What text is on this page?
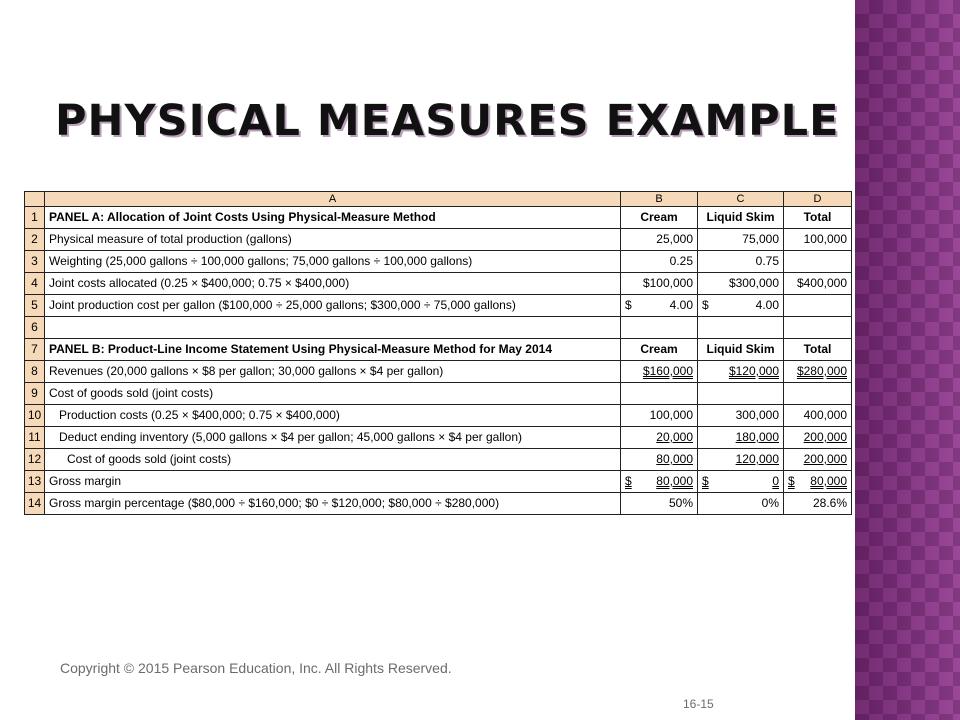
PHYSICAL MEASURES EXAMPLE
	A	B	C	D
1	PANEL A: Allocation of Joint Costs Using Physical-Measure Method	Cream	Liquid Skim	Total
2	Physical measure of total production (gallons)	25,000	75,000	100,000
3	Weighting (25,000 gallons ÷ 100,000 gallons; 75,000 gallons ÷ 100,000 gallons)	0.25	0.75	
4	Joint costs allocated (0.25 × $400,000; 0.75 × $400,000)	$100,000	$300,000	$400,000
5	Joint production cost per gallon ($100,000 ÷ 25,000 gallons; $300,000 ÷ 75,000 gallons)	$ 4.00	$ 4.00	

6				
7	PANEL B: Product-Line Income Statement Using Physical-Measure Method for May 2014	Cream	Liquid Skim	Total
8	Revenues (20,000 gallons × $8 per gallon; 30,000 gallons × $4 per gallon)	$160,000	$120,000	$280,000
9	Cost of goods sold (joint costs)			
10	Production costs (0.25 × $400,000; 0.75 × $400,000)	100,000	300,000	400,000
11	Deduct ending inventory (5,000 gallons × $4 per gallon; 45,000 gallons × $4 per gallon)	20,000	180,000	200,000
12	Cost of goods sold (joint costs)	80,000	120,000	200,000
13	Gross margin	$ 80,000	$ 0	$ 80,000

14	Gross margin percentage ($80,000 ÷ $160,000; $0 ÷ $120,000; $80,000 ÷ $280,000)	50%	0%	28.6%
Copyright © 2015 Pearson Education, Inc. All Rights Reserved.
16-15
